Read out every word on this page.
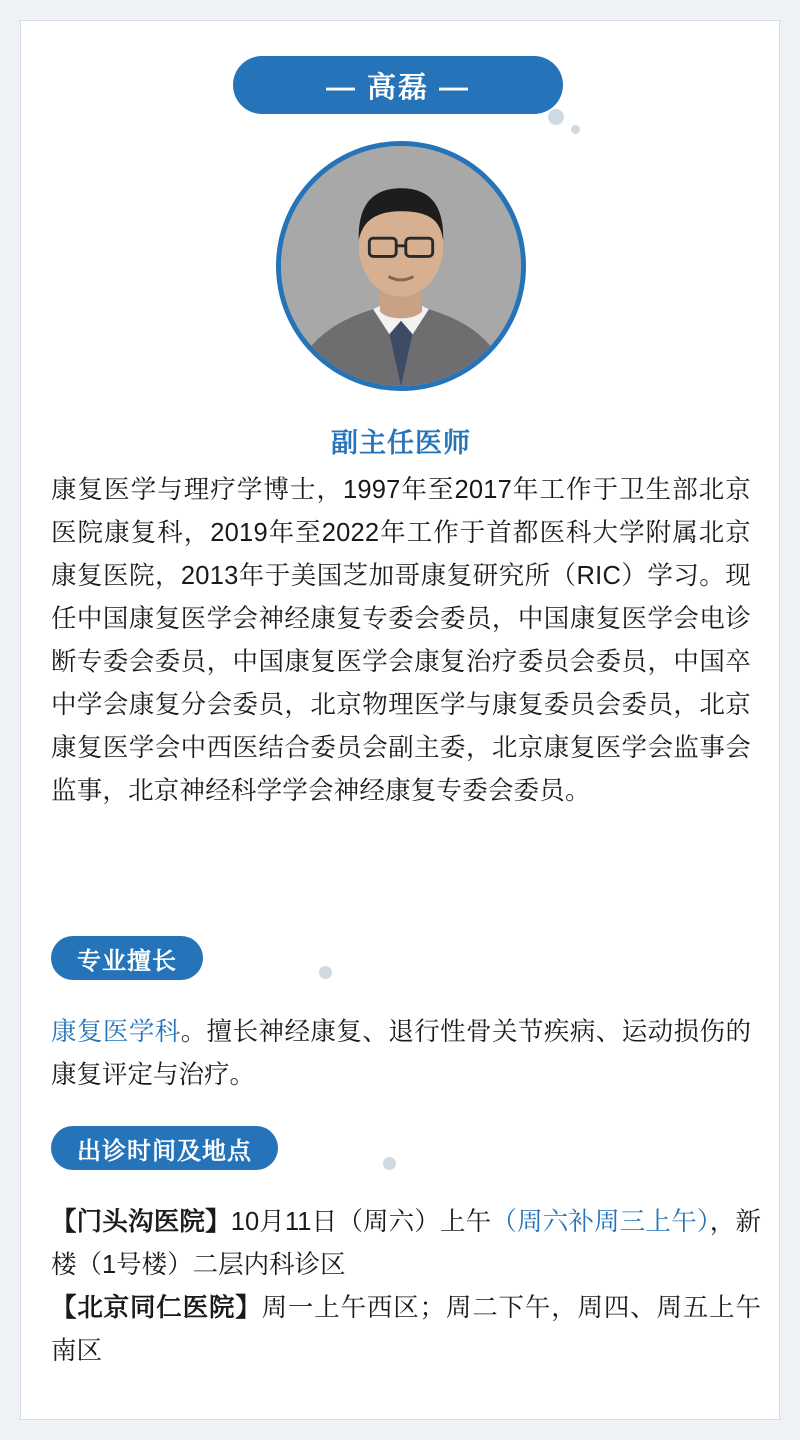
— 高磊 —
副主任医师
康复医学与理疗学博士，1997年至2017年工作于卫生部北京医院康复科，2019年至2022年工作于首都医科大学附属北京康复医院，2013年于美国芝加哥康复研究所（RIC）学习。现任中国康复医学会神经康复专委会委员，中国康复医学会电诊断专委会委员，中国康复医学会康复治疗委员会委员，中国卒中学会康复分会委员，北京物理医学与康复委员会委员，北京康复医学会中西医结合委员会副主委，北京康复医学会监事会监事，北京神经科学学会神经康复专委会委员。
专业擅长
康复医学科。擅长神经康复、退行性骨关节疾病、运动损伤的康复评定与治疗。
出诊时间及地点

【门头沟医院】10月11日（周六）上午（周六补周三上午），新楼（1号楼）二层内科诊区

【北京同仁医院】周一上午西区；周二下午，周四、周五上午南区
